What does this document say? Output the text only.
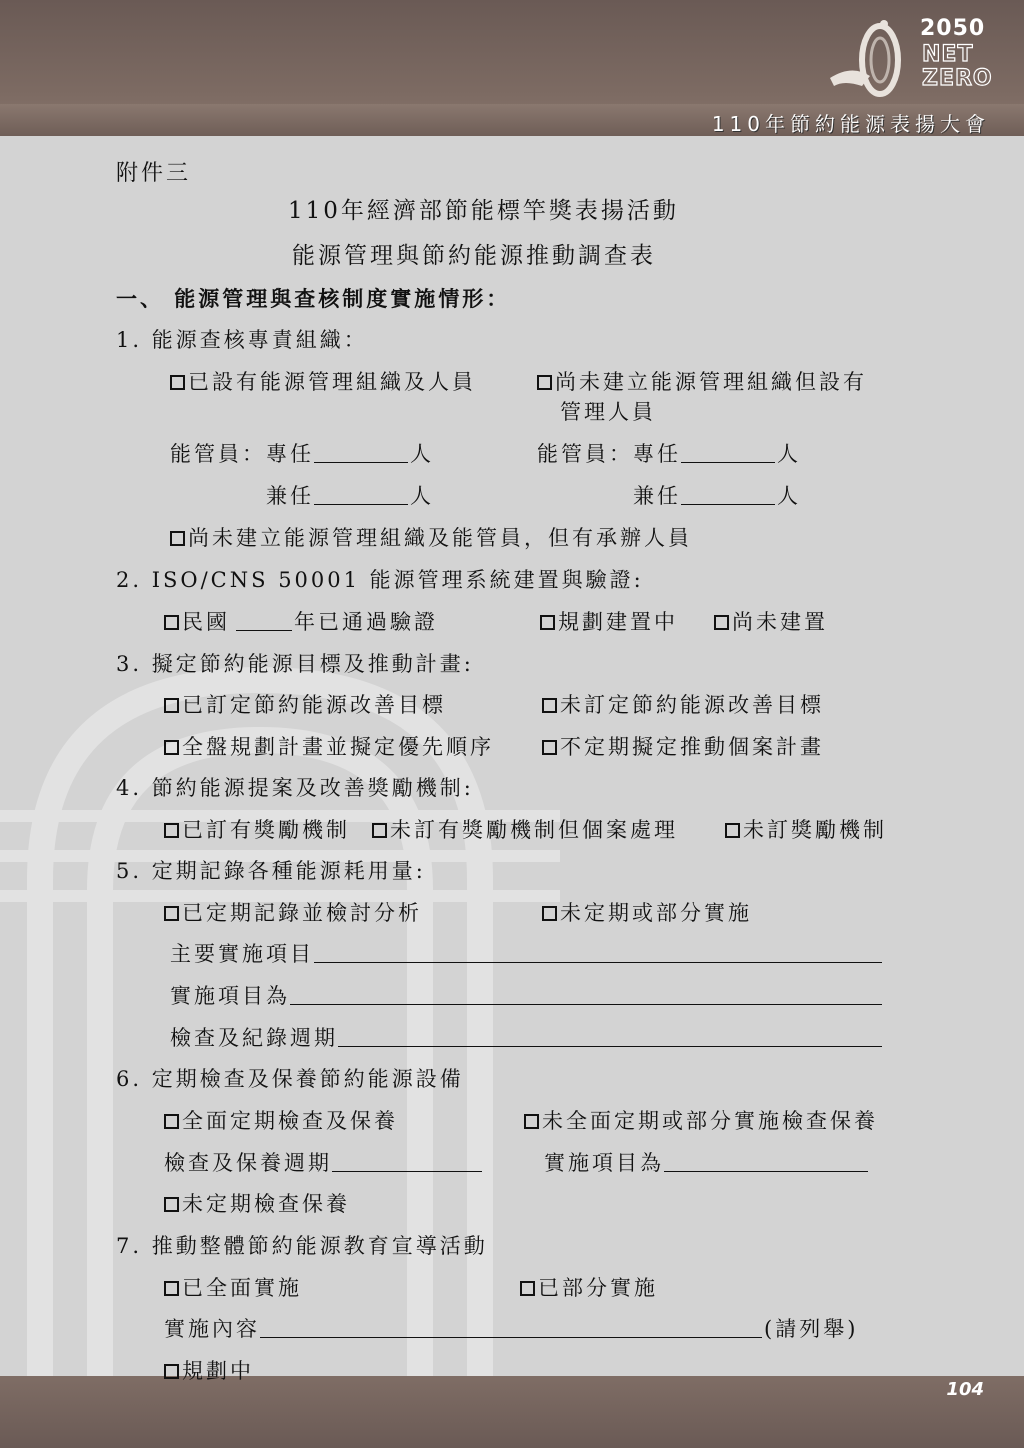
110年節約能源表揚大會
2050
NET
ZERO
104
附件三
110年經濟部節能標竿獎表揚活動
能源管理與節約能源推動調查表
一、 能源管理與查核制度實施情形：
1. 能源查核專責組織：
已設有能源管理組織及人員	尚未建立能源管理組織但設有
管理人員
能管員：專任	人	能管員：專任	人
兼任	人	兼任	人
尚未建立能源管理組織及能管員，但有承辦人員
2. ISO/CNS 50001 能源管理系統建置與驗證:
民國	年已通過驗證	規劃建置中	尚未建置
3. 擬定節約能源目標及推動計畫:
已訂定節約能源改善目標	未訂定節約能源改善目標
全盤規劃計畫並擬定優先順序	不定期擬定推動個案計畫
4. 節約能源提案及改善獎勵機制:
已訂有獎勵機制	未訂有獎勵機制但個案處理	未訂獎勵機制
5. 定期記錄各種能源耗用量:
已定期記錄並檢討分析	未定期或部分實施
主要實施項目
實施項目為
檢查及紀錄週期
6. 定期檢查及保養節約能源設備
全面定期檢查及保養	未全面定期或部分實施檢查保養
檢查及保養週期	實施項目為
未定期檢查保養
7. 推動整體節約能源教育宣導活動
已全面實施	已部分實施
實施內容	(請列舉)
規劃中
